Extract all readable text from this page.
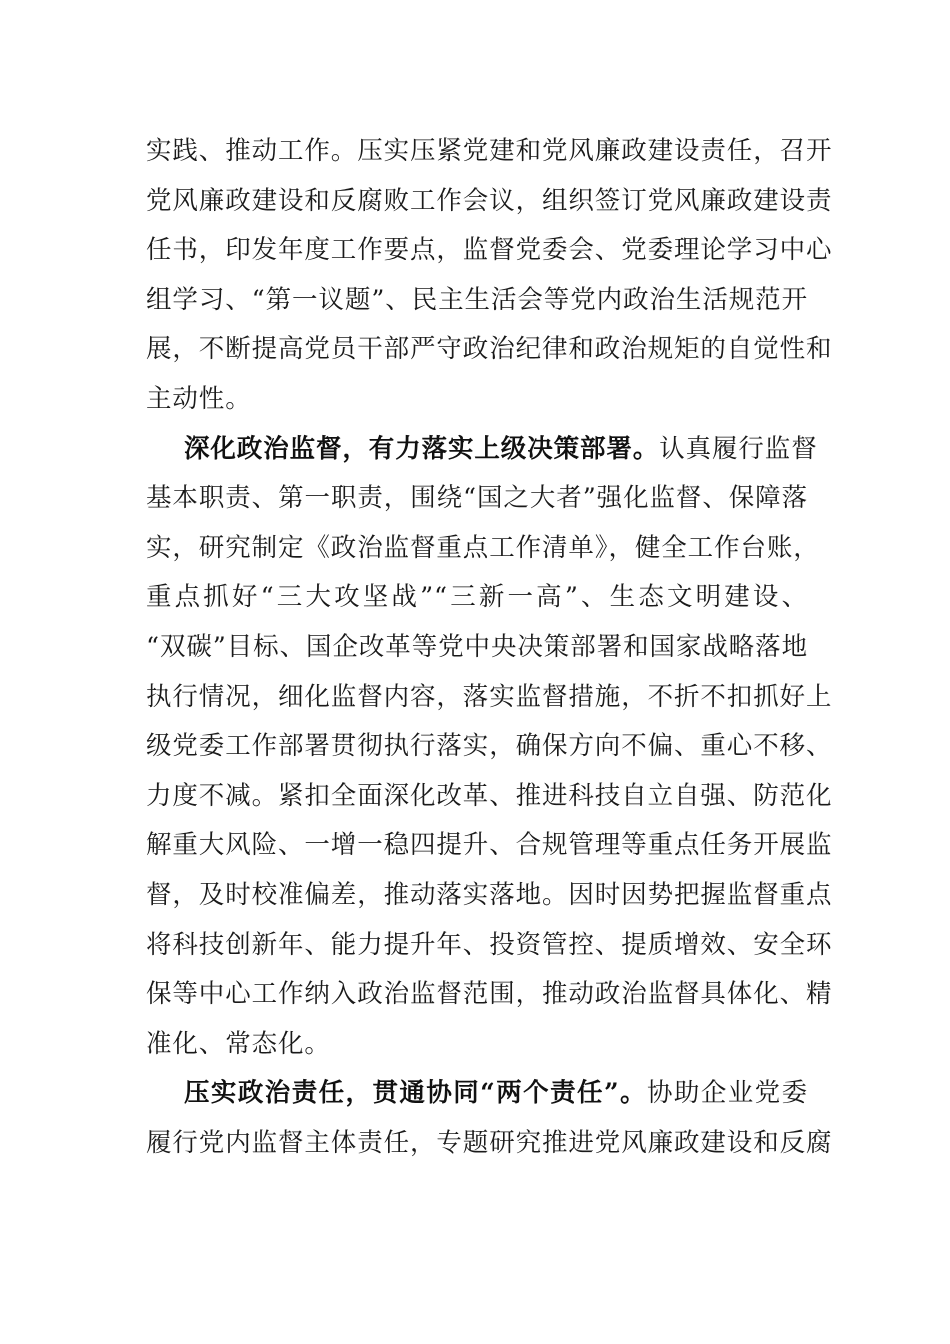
实践、推动工作。压实压紧党建和党风廉政建设责任，召开
党风廉政建设和反腐败工作会议，组织签订党风廉政建设责
任书，印发年度工作要点，监督党委会、党委理论学习中心
组学习、“第一议题”、民主生活会等党内政治生活规范开
展，不断提高党员干部严守政治纪律和政治规矩的自觉性和
主动性。
深化政治监督，有力落实上级决策部署。认真履行监督
基本职责、第一职责，围绕“国之大者”强化监督、保障落
实，研究制定《政治监督重点工作清单》，健全工作台账，
重点抓好“三大攻坚战”“三新一高”、生态文明建设、
“双碳”目标、国企改革等党中央决策部署和国家战略落地
执行情况，细化监督内容，落实监督措施，不折不扣抓好上
级党委工作部署贯彻执行落实，确保方向不偏、重心不移、
力度不减。紧扣全面深化改革、推进科技自立自强、防范化
解重大风险、一增一稳四提升、合规管理等重点任务开展监
督，及时校准偏差，推动落实落地。因时因势把握监督重点
将科技创新年、能力提升年、投资管控、提质增效、安全环
保等中心工作纳入政治监督范围，推动政治监督具体化、精
准化、常态化。
压实政治责任，贯通协同“两个责任”。协助企业党委
履行党内监督主体责任，专题研究推进党风廉政建设和反腐
